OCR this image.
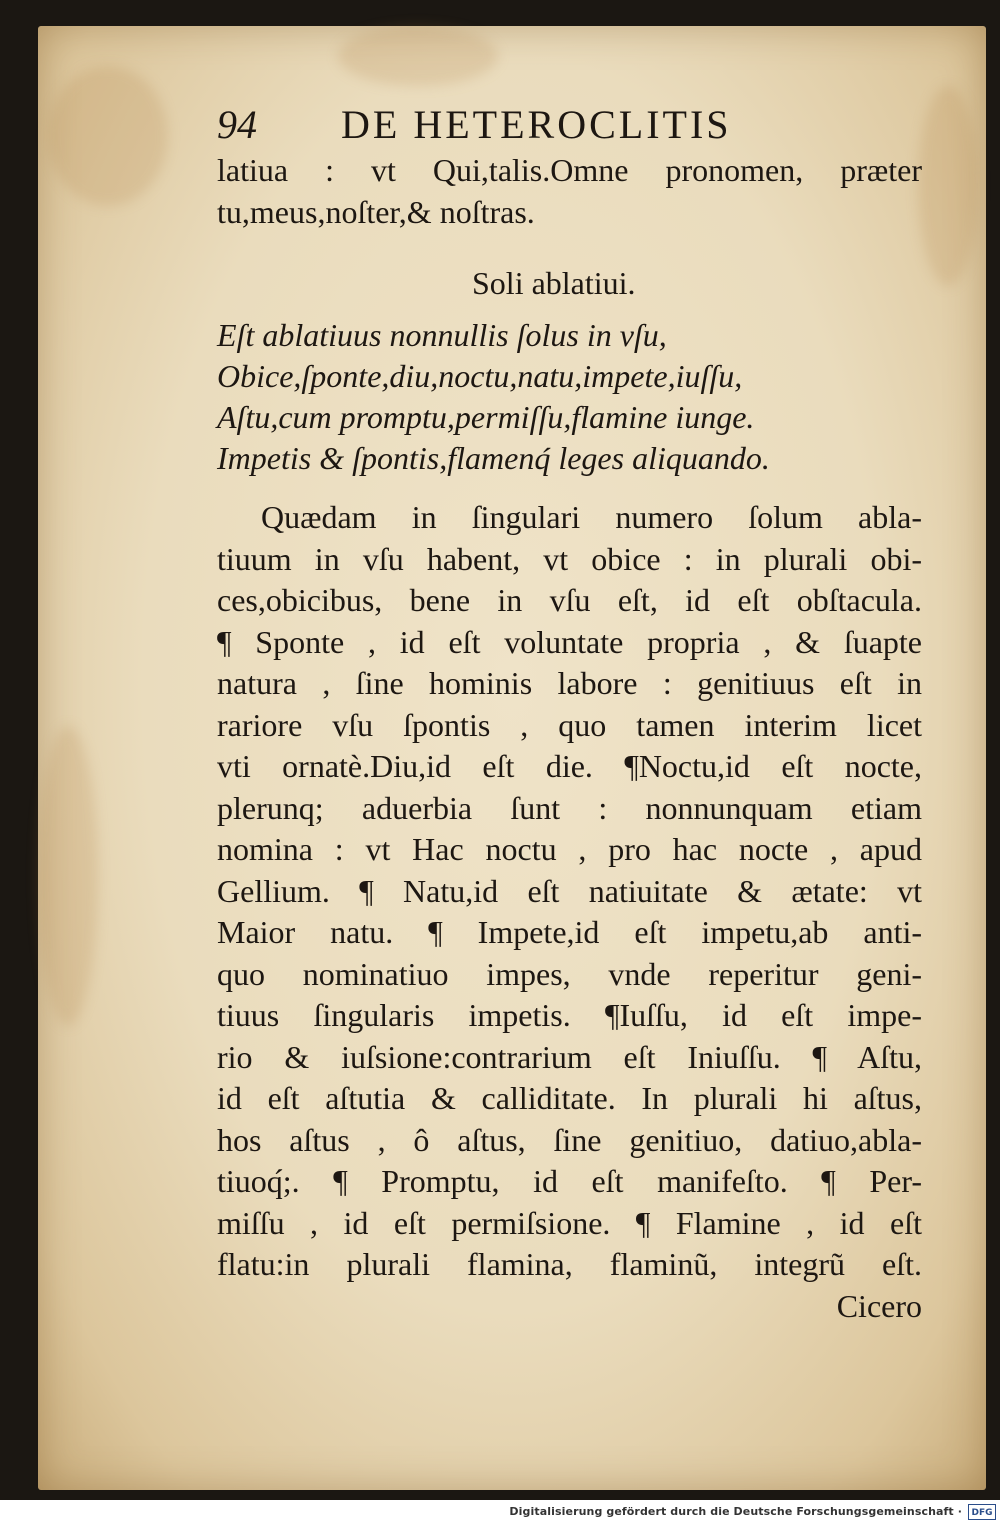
94 DE HETEROCLITIS
latiua : vt Qui,talis.Omne pronomen, præter
tu,meus,noſter,& noſtras.
Soli ablatiui.
Eſt ablatiuus nonnullis ſolus in vſu,
Obice,ſponte,diu,noctu,natu,impete,iuſſu,
Aſtu,cum promptu,permiſſu,flamine iunge.
Impetis & ſpontis,flamenq́ leges aliquando.
Quædam in ſingulari numero ſolum abla-
tiuum in vſu habent, vt obice : in plurali obi-
ces,obicibus, bene in vſu eſt, id eſt obſtacula.
¶ Sponte , id eſt voluntate propria , & ſuapte
natura , ſine hominis labore : genitiuus eſt in
rariore vſu ſpontis , quo tamen interim licet
vti ornatè.Diu,id eſt die. ¶Noctu,id eſt nocte,
plerunq; aduerbia ſunt : nonnunquam etiam
nomina : vt Hac noctu , pro hac nocte , apud
Gellium. ¶ Natu,id eſt natiuitate & ætate: vt
Maior natu. ¶ Impete,id eſt impetu,ab anti-
quo nominatiuo impes, vnde reperitur geni-
tiuus ſingularis impetis. ¶Iuſſu, id eſt impe-
rio & iuſsione:contrarium eſt Iniuſſu. ¶ Aſtu,
id eſt aſtutia & calliditate. In plurali hi aſtus,
hos aſtus , ô aſtus, ſine genitiuo, datiuo,abla-
tiuoq́;. ¶ Promptu, id eſt manifeſto. ¶ Per-
miſſu , id eſt permiſsione. ¶ Flamine , id eſt
flatu:in plurali flamina, flaminũ, integrũ eſt.
Cicero
Digitalisierung gefördert durch die Deutsche Forschungsgemeinschaft ·	DFG
